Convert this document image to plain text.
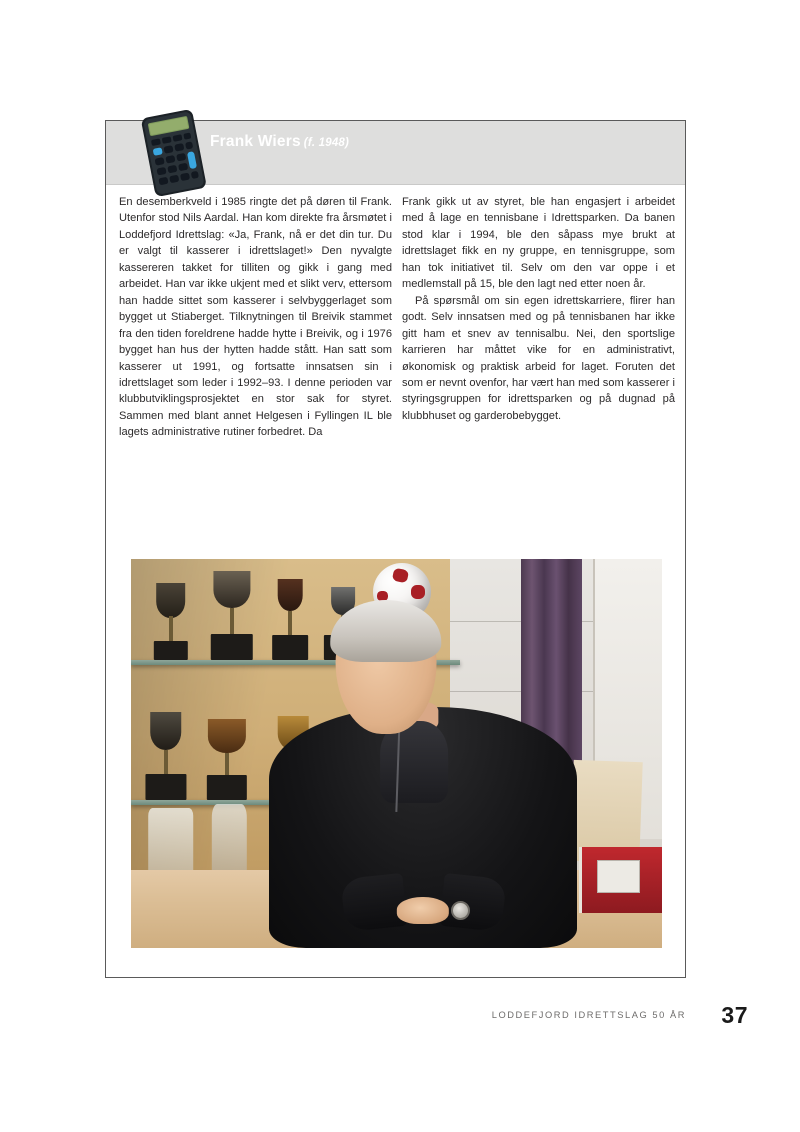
Frank Wiers (f. 1948)

En desemberkveld i 1985 ringte det på døren til Frank. Utenfor stod Nils Aardal. Han kom direkte fra årsmøtet i Loddefjord Idrettslag: «Ja, Frank, nå er det din tur. Du er valgt til kasserer i idrettslaget!» Den nyvalgte kassereren takket for tilliten og gikk i gang med arbeidet. Han var ikke ukjent med et slikt verv, ettersom han hadde sittet som kasserer i selvbyggerlaget som bygget ut Stiaberget. Tilknytningen til Breivik stammet fra den tiden foreldrene hadde hytte i Breivik, og i 1976 bygget han hus der hytten hadde stått. Han satt som kasserer ut 1991, og fortsatte innsatsen sin i idrettslaget som leder i 1992–93. I denne perioden var klubbutviklingsprosjektet en stor sak for styret. Sammen med blant annet Helgesen i Fyllingen IL ble lagets administrative rutiner forbedret. Da

Frank gikk ut av styret, ble han engasjert i arbeidet med å lage en tennisbane i Idrettsparken. Da banen stod klar i 1994, ble den såpass mye brukt at idrettslaget fikk en ny gruppe, en tennisgruppe, som han tok initiativet til. Selv om den var oppe i et medlemstall på 15, ble den lagt ned etter noen år.

På spørsmål om sin egen idrettskarriere, flirer han godt. Selv innsatsen med og på tennisbanen har ikke gitt ham et snev av tennisalbu. Nei, den sportslige karrieren har måttet vike for en administrativt, økonomisk og praktisk arbeid for laget. Foruten det som er nevnt ovenfor, har vært han med som kasserer i styringsgruppen for idrettsparken og på dugnad på klubbhuset og garderobebygget.

LODDEFJORD IDRETTSLAG 50 ÅR 37
